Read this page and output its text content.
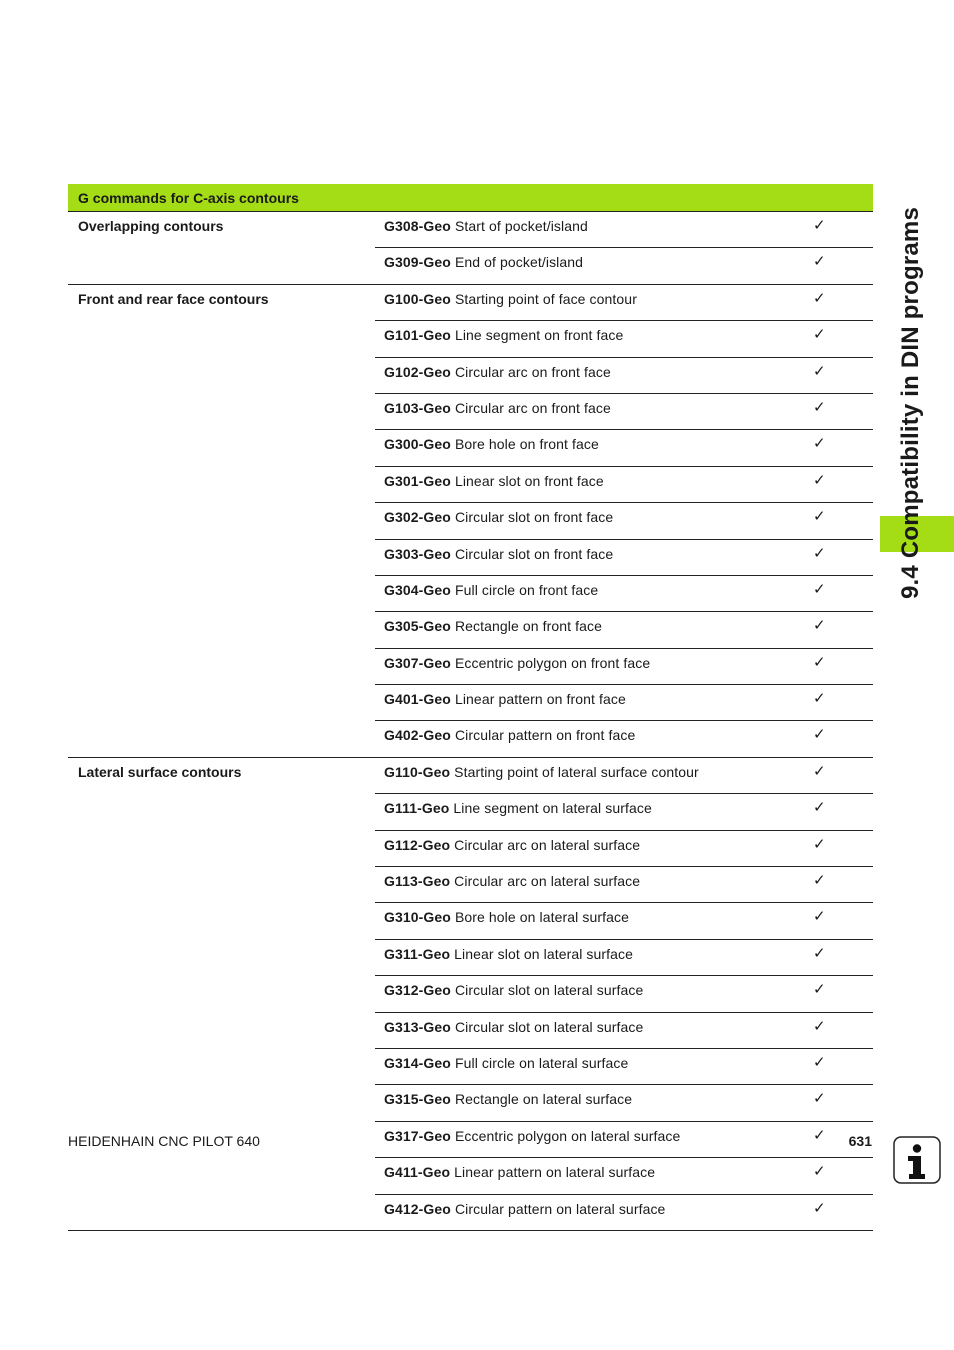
G commands for C-axis contours		
Overlapping contours	G308-Geo Start of pocket/island	✓
	G309-Geo End of pocket/island	✓
Front and rear face contours	G100-Geo Starting point of face contour	✓
	G101-Geo Line segment on front face	✓
	G102-Geo Circular arc on front face	✓
	G103-Geo Circular arc on front face	✓
	G300-Geo Bore hole on front face	✓
	G301-Geo Linear slot on front face	✓
	G302-Geo Circular slot on front face	✓
	G303-Geo Circular slot on front face	✓
	G304-Geo Full circle on front face	✓
	G305-Geo Rectangle on front face	✓
	G307-Geo Eccentric polygon on front face	✓
	G401-Geo Linear pattern on front face	✓
	G402-Geo Circular pattern on front face	✓
Lateral surface contours	G110-Geo Starting point of lateral surface contour	✓
	G111-Geo Line segment on lateral surface	✓
	G112-Geo Circular arc on lateral surface	✓
	G113-Geo Circular arc on lateral surface	✓
	G310-Geo Bore hole on lateral surface	✓
	G311-Geo Linear slot on lateral surface	✓
	G312-Geo Circular slot on lateral surface	✓
	G313-Geo Circular slot on lateral surface	✓
	G314-Geo Full circle on lateral surface	✓
	G315-Geo Rectangle on lateral surface	✓
	G317-Geo Eccentric polygon on lateral surface	✓
	G411-Geo Linear pattern on lateral surface	✓
	G412-Geo Circular pattern on lateral surface	✓
9.4 Compatibility in DIN programs
HEIDENHAIN CNC PILOT 640	631
